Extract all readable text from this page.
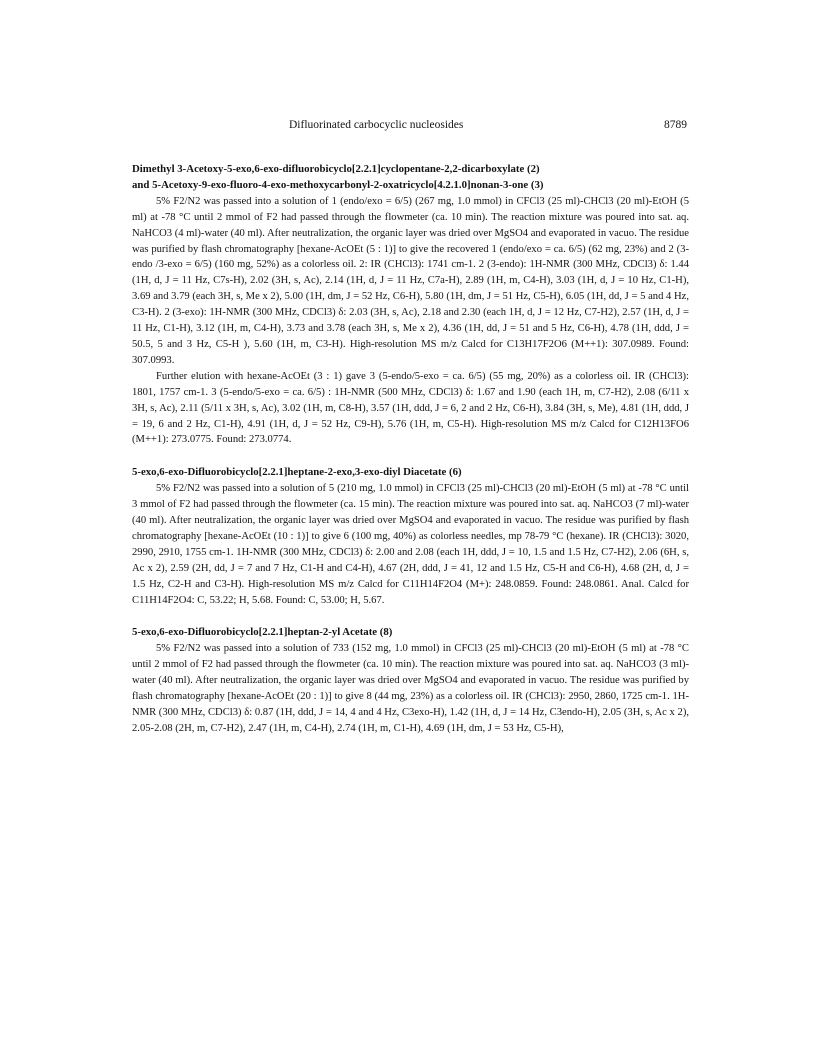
Difluorinated carbocyclic nucleosides	8789

Dimethyl 3-Acetoxy-5-exo,6-exo-difluorobicyclo[2.2.1]cyclopentane-2,2-dicarboxylate (2)

and 5-Acetoxy-9-exo-fluoro-4-exo-methoxycarbonyl-2-oxatricyclo[4.2.1.0]nonan-3-one (3)

5% F2/N2 was passed into a solution of 1 (endo/exo = 6/5) (267 mg, 1.0 mmol) in CFCl3 (25 ml)-CHCl3 (20 ml)-EtOH (5 ml) at -78 °C until 2 mmol of F2 had passed through the flowmeter (ca. 10 min). The reaction mixture was poured into sat. aq. NaHCO3 (4 ml)-water (40 ml). After neutralization, the organic layer was dried over MgSO4 and evaporated in vacuo. The residue was purified by flash chromatography [hexane-AcOEt (5 : 1)] to give the recovered 1 (endo/exo = ca. 6/5) (62 mg, 23%) and 2 (3-endo /3-exo = 6/5) (160 mg, 52%) as a colorless oil. 2: IR (CHCl3): 1741 cm-1. 2 (3-endo): 1H-NMR (300 MHz, CDCl3) δ: 1.44 (1H, d, J = 11 Hz, C7s-H), 2.02 (3H, s, Ac), 2.14 (1H, d, J = 11 Hz, C7a-H), 2.89 (1H, m, C4-H), 3.03 (1H, d, J = 10 Hz, C1-H), 3.69 and 3.79 (each 3H, s, Me x 2), 5.00 (1H, dm, J = 52 Hz, C6-H), 5.80 (1H, dm, J = 51 Hz, C5-H), 6.05 (1H, dd, J = 5 and 4 Hz, C3-H). 2 (3-exo): 1H-NMR (300 MHz, CDCl3) δ: 2.03 (3H, s, Ac), 2.18 and 2.30 (each 1H, d, J = 12 Hz, C7-H2), 2.57 (1H, d, J = 11 Hz, C1-H), 3.12 (1H, m, C4-H), 3.73 and 3.78 (each 3H, s, Me x 2), 4.36 (1H, dd, J = 51 and 5 Hz, C6-H), 4.78 (1H, ddd, J = 50.5, 5 and 3 Hz, C5-H ), 5.60 (1H, m, C3-H). High-resolution MS m/z Calcd for C13H17F2O6 (M++1): 307.0989. Found: 307.0993.

Further elution with hexane-AcOEt (3 : 1) gave 3 (5-endo/5-exo = ca. 6/5) (55 mg, 20%) as a colorless oil. IR (CHCl3): 1801, 1757 cm-1. 3 (5-endo/5-exo = ca. 6/5) : 1H-NMR (500 MHz, CDCl3) δ: 1.67 and 1.90 (each 1H, m, C7-H2), 2.08 (6/11 x 3H, s, Ac), 2.11 (5/11 x 3H, s, Ac), 3.02 (1H, m, C8-H), 3.57 (1H, ddd, J = 6, 2 and 2 Hz, C6-H), 3.84 (3H, s, Me), 4.81 (1H, ddd, J = 19, 6 and 2 Hz, C1-H), 4.91 (1H, d, J = 52 Hz, C9-H), 5.76 (1H, m, C5-H). High-resolution MS m/z Calcd for C12H13FO6 (M++1): 273.0775. Found: 273.0774.

5-exo,6-exo-Difluorobicyclo[2.2.1]heptane-2-exo,3-exo-diyl Diacetate (6)

5% F2/N2 was passed into a solution of 5 (210 mg, 1.0 mmol) in CFCl3 (25 ml)-CHCl3 (20 ml)-EtOH (5 ml) at -78 °C until 3 mmol of F2 had passed through the flowmeter (ca. 15 min). The reaction mixture was poured into sat. aq. NaHCO3 (7 ml)-water (40 ml). After neutralization, the organic layer was dried over MgSO4 and evaporated in vacuo. The residue was purified by flash chromatography [hexane-AcOEt (10 : 1)] to give 6 (100 mg, 40%) as colorless needles, mp 78-79 °C (hexane). IR (CHCl3): 3020, 2990, 2910, 1755 cm-1. 1H-NMR (300 MHz, CDCl3) δ: 2.00 and 2.08 (each 1H, ddd, J = 10, 1.5 and 1.5 Hz, C7-H2), 2.06 (6H, s, Ac x 2), 2.59 (2H, dd, J = 7 and 7 Hz, C1-H and C4-H), 4.67 (2H, ddd, J = 41, 12 and 1.5 Hz, C5-H and C6-H), 4.68 (2H, d, J = 1.5 Hz, C2-H and C3-H). High-resolution MS m/z Calcd for C11H14F2O4 (M+): 248.0859. Found: 248.0861. Anal. Calcd for C11H14F2O4: C, 53.22; H, 5.68. Found: C, 53.00; H, 5.67.

5-exo,6-exo-Difluorobicyclo[2.2.1]heptan-2-yl Acetate (8)

5% F2/N2 was passed into a solution of 733 (152 mg, 1.0 mmol) in CFCl3 (25 ml)-CHCl3 (20 ml)-EtOH (5 ml) at -78 °C until 2 mmol of F2 had passed through the flowmeter (ca. 10 min). The reaction mixture was poured into sat. aq. NaHCO3 (3 ml)-water (40 ml). After neutralization, the organic layer was dried over MgSO4 and evaporated in vacuo. The residue was purified by flash chromatography [hexane-AcOEt (20 : 1)] to give 8 (44 mg, 23%) as a colorless oil. IR (CHCl3): 2950, 2860, 1725 cm-1. 1H-NMR (300 MHz, CDCl3) δ: 0.87 (1H, ddd, J = 14, 4 and 4 Hz, C3exo-H), 1.42 (1H, d, J = 14 Hz, C3endo-H), 2.05 (3H, s, Ac x 2), 2.05-2.08 (2H, m, C7-H2), 2.47 (1H, m, C4-H), 2.74 (1H, m, C1-H), 4.69 (1H, dm, J = 53 Hz, C5-H),
